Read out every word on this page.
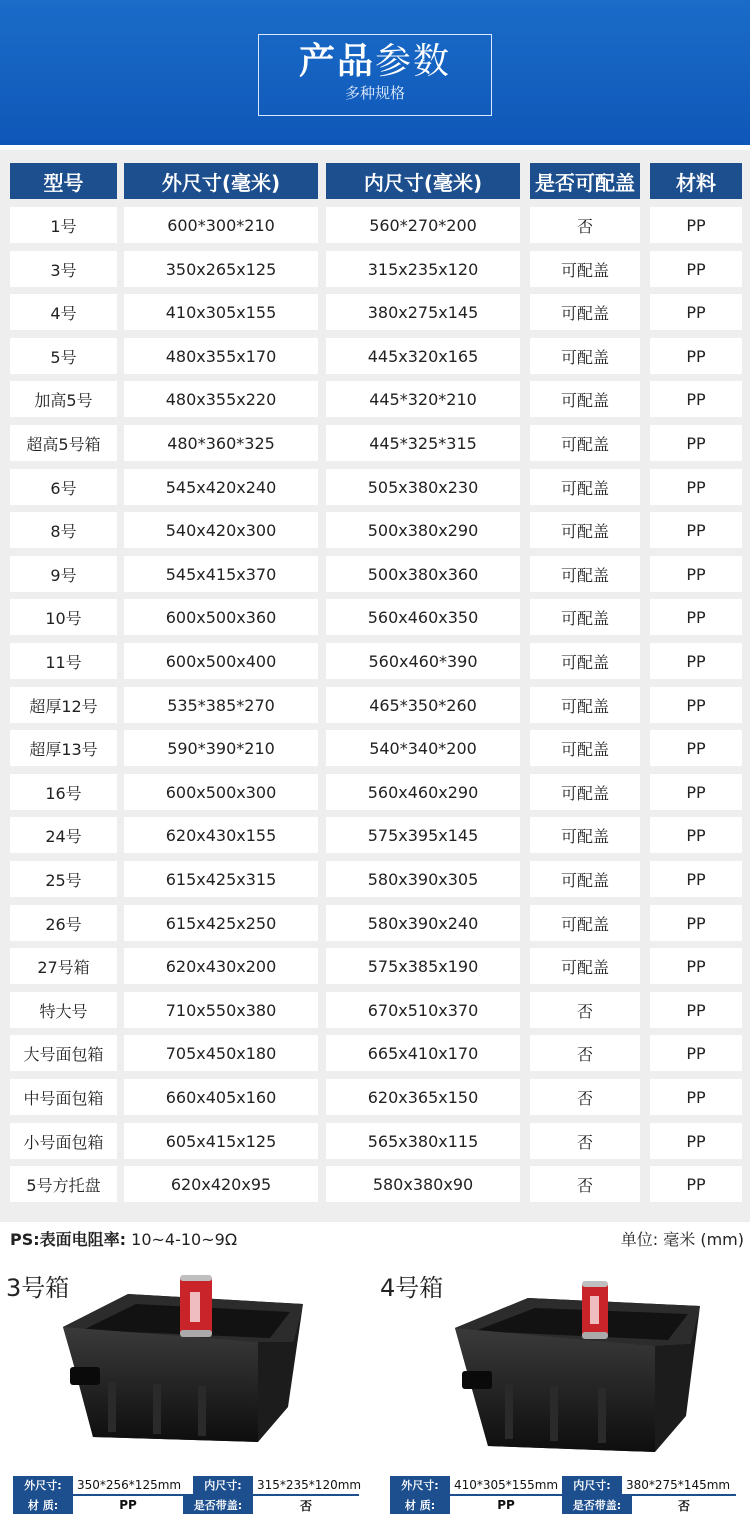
产品参数
多种规格
型号	外尺寸(毫米)	内尺寸(毫米)	是否可配盖	材料
1号	600*300*210	560*270*200	否	PP
3号	350x265x125	315x235x120	可配盖	PP
4号	410x305x155	380x275x145	可配盖	PP
5号	480x355x170	445x320x165	可配盖	PP
加高5号	480x355x220	445*320*210	可配盖	PP
超高5号箱	480*360*325	445*325*315	可配盖	PP
6号	545x420x240	505x380x230	可配盖	PP
8号	540x420x300	500x380x290	可配盖	PP
9号	545x415x370	500x380x360	可配盖	PP
10号	600x500x360	560x460x350	可配盖	PP
11号	600x500x400	560x460*390	可配盖	PP
超厚12号	535*385*270	465*350*260	可配盖	PP
超厚13号	590*390*210	540*340*200	可配盖	PP
16号	600x500x300	560x460x290	可配盖	PP
24号	620x430x155	575x395x145	可配盖	PP
25号	615x425x315	580x390x305	可配盖	PP
26号	615x425x250	580x390x240	可配盖	PP
27号箱	620x430x200	575x385x190	可配盖	PP
特大号	710x550x380	670x510x370	否	PP
大号面包箱	705x450x180	665x410x170	否	PP
中号面包箱	660x405x160	620x365x150	否	PP
小号面包箱	605x415x125	565x380x115	否	PP
5号方托盘	620x420x95	580x380x90	否	PP
PS:表面电阻率: 10~4-10~9Ω	单位: 毫米 (mm)
3号箱
外尺寸:	350*256*125mm	内尺寸:	315*235*120mm
材 质:	PP	是否带盖:	否
4号箱
外尺寸:	410*305*155mm	内尺寸:	380*275*145mm
材 质:	PP	是否带盖:	否
